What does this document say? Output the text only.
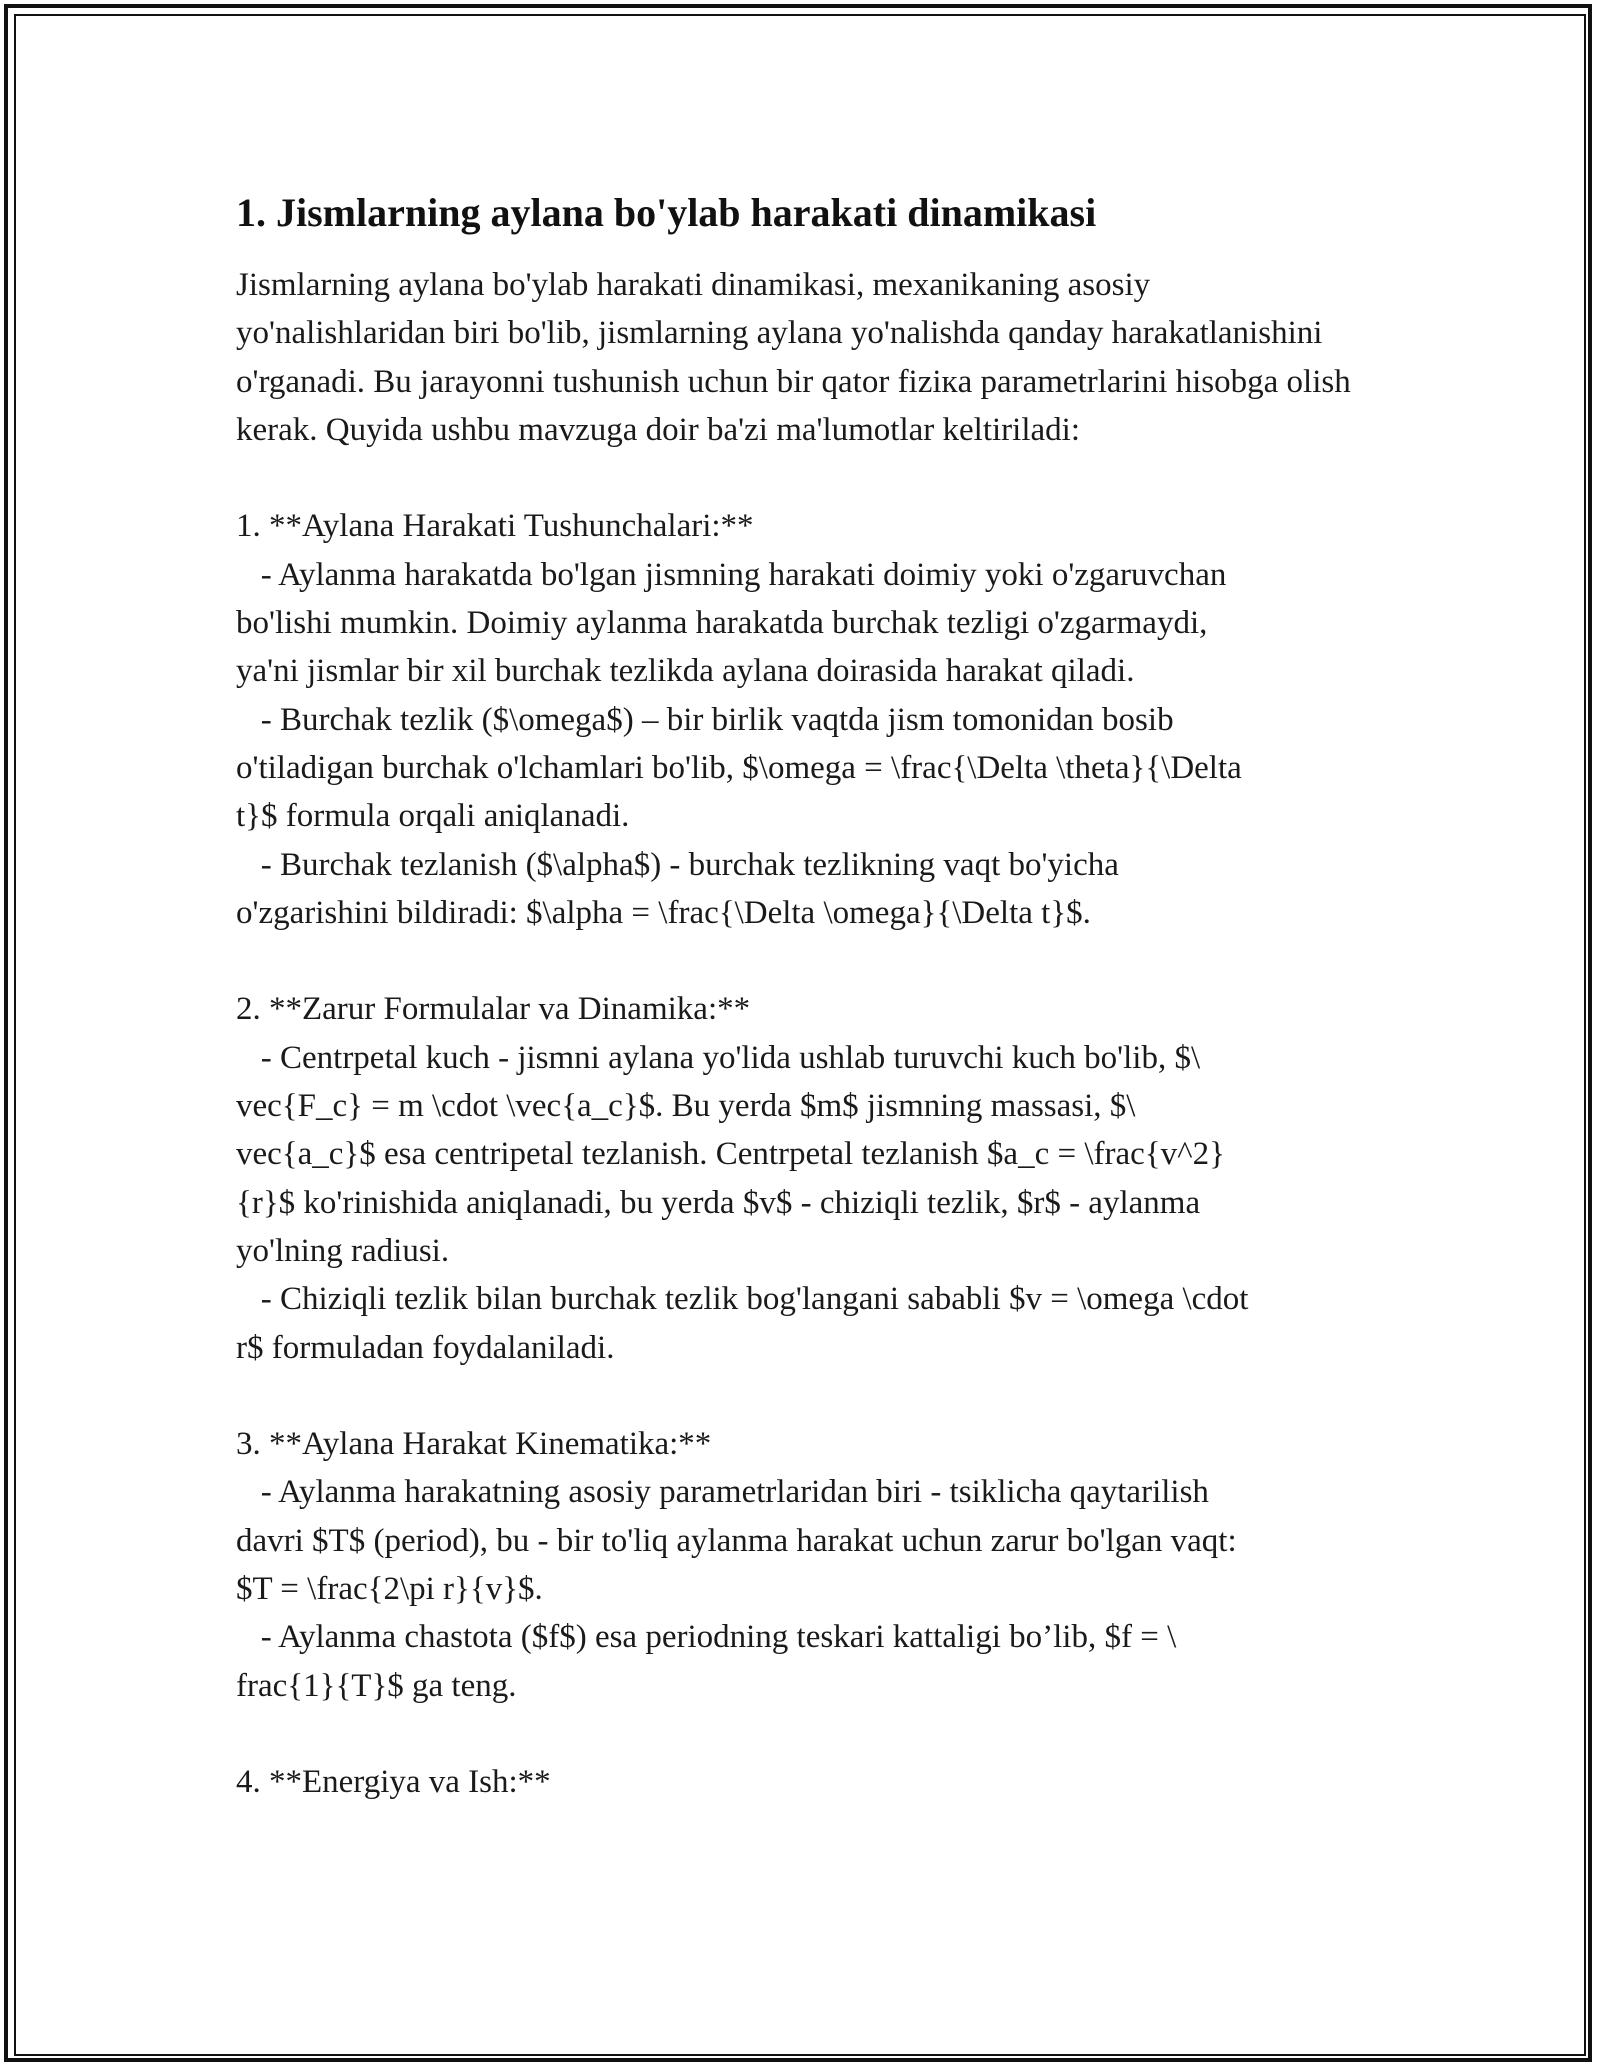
1. Jismlarning aylana bo'ylab harakati dinamikasi

Jismlarning aylana bo'ylab harakati dinamikasi, mexanikaning asosiy yo'nalishlaridan biri bo'lib, jismlarning aylana yo'nalishda qanday harakatlanishini o'rganadi. Bu jarayonni tushunish uchun bir qator fiziкa parametrlarini hisobga olish kerak. Quyida ushbu mavzuga doir ba'zi ma'lumotlar keltiriladi:

1. **Aylana Harakati Tushunchalari:**
- Aylanma harakatda bo'lgan jismning harakati doimiy yoki o'zgaruvchan
bo'lishi mumkin. Doimiy aylanma harakatda burchak tezligi o'zgarmaydi,
ya'ni jismlar bir xil burchak tezlikda aylana doirasida harakat qiladi.
- Burchak tezlik ($\omega$) – bir birlik vaqtda jism tomonidan bosib
o'tiladigan burchak o'lchamlari bo'lib, $\omega = \frac{\Delta \theta}{\Delta
t}$ formula orqali aniqlanadi.
- Burchak tezlanish ($\alpha$) - burchak tezlikning vaqt bo'yicha
o'zgarishini bildiradi: $\alpha = \frac{\Delta \omega}{\Delta t}$.
2. **Zarur Formulalar va Dinamika:**
- Centrpetal kuch - jismni aylana yo'lida ushlab turuvchi kuch bo'lib, $\
vec{F_c} = m \cdot \vec{a_c}$. Bu yerda $m$ jismning massasi, $\
vec{a_c}$ esa centripetal tezlanish. Centrpetal tezlanish $a_c = \frac{v^2}
{r}$ ko'rinishida aniqlanadi, bu yerda $v$ - chiziqli tezlik, $r$ - aylanma
yo'lning radiusi.
- Chiziqli tezlik bilan burchak tezlik bog'langani sababli $v = \omega \cdot
r$ formuladan foydalaniladi.
3. **Aylana Harakat Kinematika:**
- Aylanma harakatning asosiy parametrlaridan biri - tsiklicha qaytarilish
davri $T$ (period), bu - bir to'liq aylanma harakat uchun zarur bo'lgan vaqt:
$T = \frac{2\pi r}{v}$.
- Aylanma chastota ($f$) esa periodning teskari kattaligi bo’lib, $f = \
frac{1}{T}$ ga teng.
4. **Energiya va Ish:**
